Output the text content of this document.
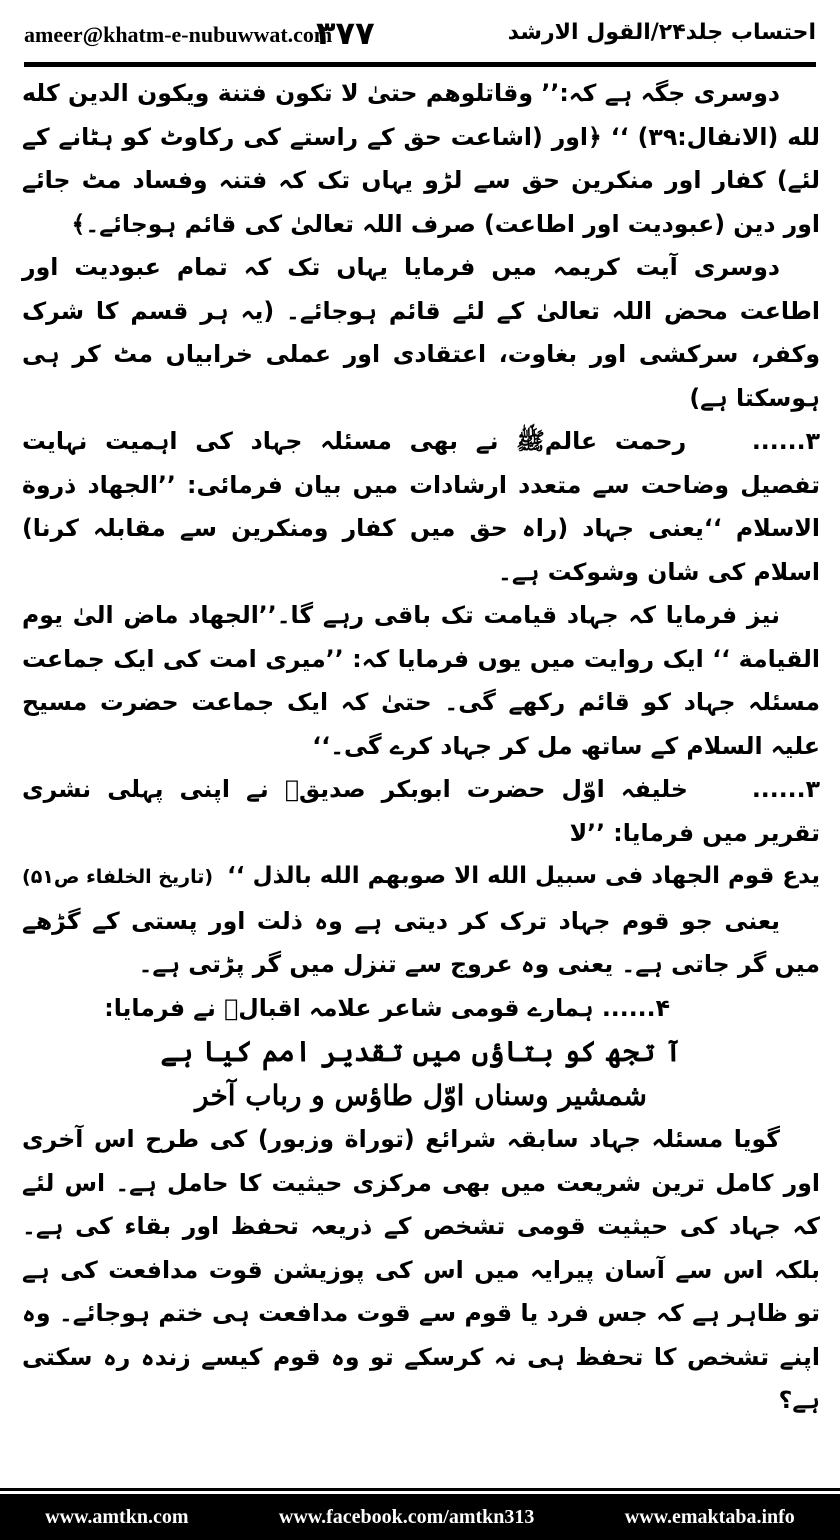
ameer@khatm-e-nubuwwat.com
۳۷۷	احتساب جلد۲۴/القول الارشد

دوسری جگہ ہے کہ:’’ وقاتلوھم حتیٰ لا تکون فتنة ویکون الدین کله لله (الانفال:۳۹) ‘‘ ﴿اور (اشاعت حق کے راستے کی رکاوٹ کو ہٹانے کے لئے) کفار اور منکرین حق سے لڑو یہاں تک کہ فتنہ وفساد مٹ جائے اور دین (عبودیت اور اطاعت) صرف اللہ تعالیٰ کی قائم ہوجائے۔﴾

دوسری آیت کریمہ میں فرمایا یہاں تک کہ تمام عبودیت اور اطاعت محض اللہ تعالیٰ کے لئے قائم ہوجائے۔ (یہ ہر قسم کا شرک وکفر، سرکشی اور بغاوت، اعتقادی اور عملی خرابیاں مٹ کر ہی ہوسکتا ہے)

۳...... رحمت عالمﷺ نے بھی مسئلہ جہاد کی اہمیت نہایت تفصیل وضاحت سے متعدد ارشادات میں بیان فرمائی: ’’الجھاد ذروة الاسلام ‘‘یعنی جہاد (راہ حق میں کفار ومنکرین سے مقابلہ کرنا) اسلام کی شان وشوکت ہے۔

نیز فرمایا کہ جہاد قیامت تک باقی رہے گا۔’’الجھاد ماض الیٰ یوم القیامة ‘‘ ایک روایت میں یوں فرمایا کہ: ’’میری امت کی ایک جماعت مسئلہ جہاد کو قائم رکھے گی۔ حتیٰ کہ ایک جماعت حضرت مسیح علیہ السلام کے ساتھ مل کر جہاد کرے گی۔‘‘

۳...... خلیفہ اوّل حضرت ابوبکر صدیقؓ نے اپنی پہلی نشری تقریر میں فرمایا: ’’لا

یدع قوم الجھاد فی سبیل الله الا صوبھم الله بالذل ‘‘
(تاریخ الخلفاء ص۵۱)

یعنی جو قوم جہاد ترک کر دیتی ہے وہ ذلت اور پستی کے گڑھے میں گر جاتی ہے۔ یعنی وہ عروج سے تنزل میں گر پڑتی ہے۔

۴...... ہمارے قومی شاعر علامہ اقبالؒ نے فرمایا:

آ تجھ کو بتاؤں میں تقدیر امم کیا ہے

شمشیر وسناں اوّل طاؤس و رباب آخر

گویا مسئلہ جہاد سابقہ شرائع (توراة وزبور) کی طرح اس آخری اور کامل ترین شریعت میں بھی مرکزی حیثیت کا حامل ہے۔ اس لئے کہ جہاد کی حیثیت قومی تشخص کے ذریعہ تحفظ اور بقاء کی ہے۔ بلکہ اس سے آسان پیرایہ میں اس کی پوزیشن قوت مدافعت کی ہے تو ظاہر ہے کہ جس فرد یا قوم سے قوت مدافعت ہی ختم ہوجائے۔ وہ اپنے تشخص کا تحفظ ہی نہ کرسکے تو وہ قوم کیسے زندہ رہ سکتی ہے؟

www.amtkn.com	www.facebook.com/amtkn313	www.emaktaba.info
